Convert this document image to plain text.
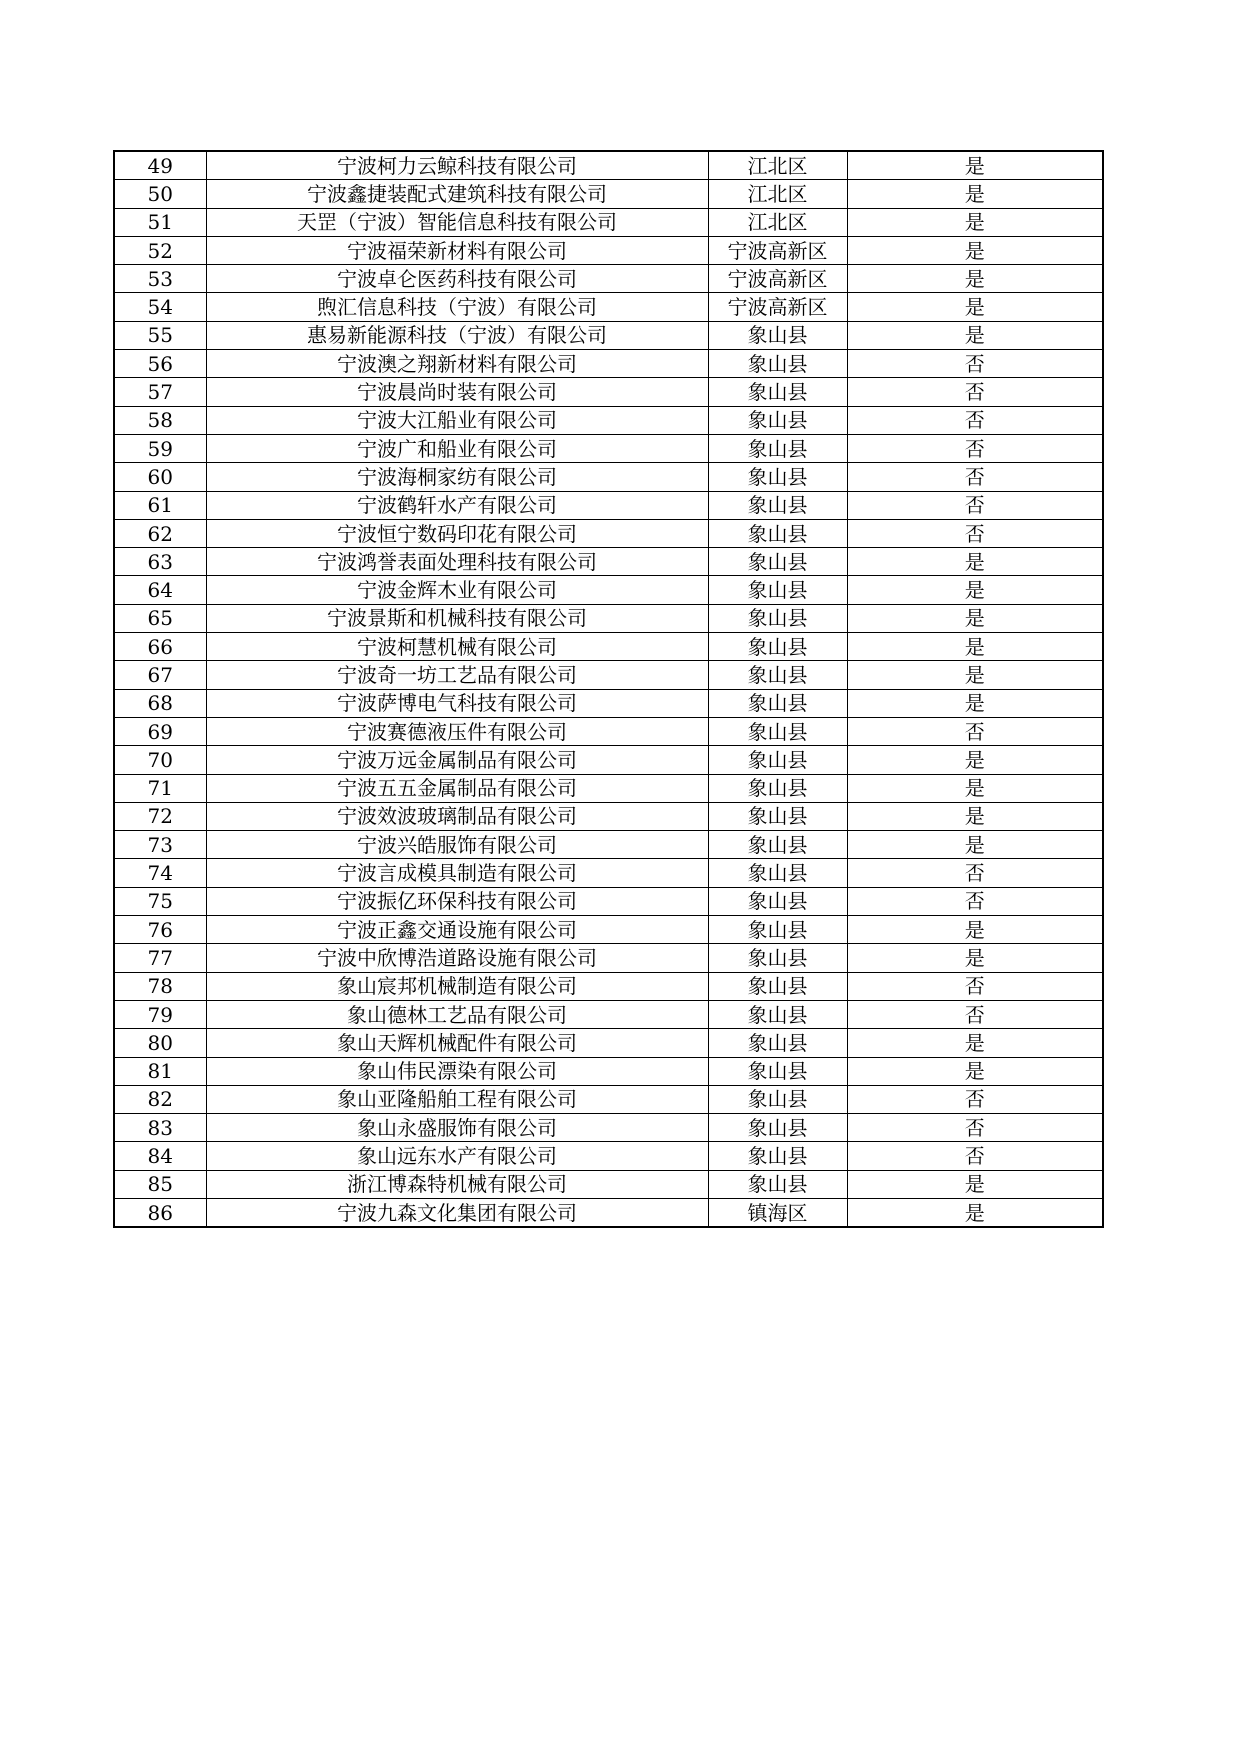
49	宁波柯力云鲸科技有限公司	江北区	是
50	宁波鑫捷装配式建筑科技有限公司	江北区	是
51	天罡（宁波）智能信息科技有限公司	江北区	是
52	宁波福荣新材料有限公司	宁波高新区	是
53	宁波卓仑医药科技有限公司	宁波高新区	是
54	煦汇信息科技（宁波）有限公司	宁波高新区	是
55	惠易新能源科技（宁波）有限公司	象山县	是
56	宁波澳之翔新材料有限公司	象山县	否
57	宁波晨尚时装有限公司	象山县	否
58	宁波大江船业有限公司	象山县	否
59	宁波广和船业有限公司	象山县	否
60	宁波海桐家纺有限公司	象山县	否
61	宁波鹤轩水产有限公司	象山县	否
62	宁波恒宁数码印花有限公司	象山县	否
63	宁波鸿誉表面处理科技有限公司	象山县	是
64	宁波金辉木业有限公司	象山县	是
65	宁波景斯和机械科技有限公司	象山县	是
66	宁波柯慧机械有限公司	象山县	是
67	宁波奇一坊工艺品有限公司	象山县	是
68	宁波萨博电气科技有限公司	象山县	是
69	宁波赛德液压件有限公司	象山县	否
70	宁波万远金属制品有限公司	象山县	是
71	宁波五五金属制品有限公司	象山县	是
72	宁波效波玻璃制品有限公司	象山县	是
73	宁波兴皓服饰有限公司	象山县	是
74	宁波言成模具制造有限公司	象山县	否
75	宁波振亿环保科技有限公司	象山县	否
76	宁波正鑫交通设施有限公司	象山县	是
77	宁波中欣博浩道路设施有限公司	象山县	是
78	象山宸邦机械制造有限公司	象山县	否
79	象山德林工艺品有限公司	象山县	否
80	象山天辉机械配件有限公司	象山县	是
81	象山伟民漂染有限公司	象山县	是
82	象山亚隆船舶工程有限公司	象山县	否
83	象山永盛服饰有限公司	象山县	否
84	象山远东水产有限公司	象山县	否
85	浙江博森特机械有限公司	象山县	是
86	宁波九森文化集团有限公司	镇海区	是
